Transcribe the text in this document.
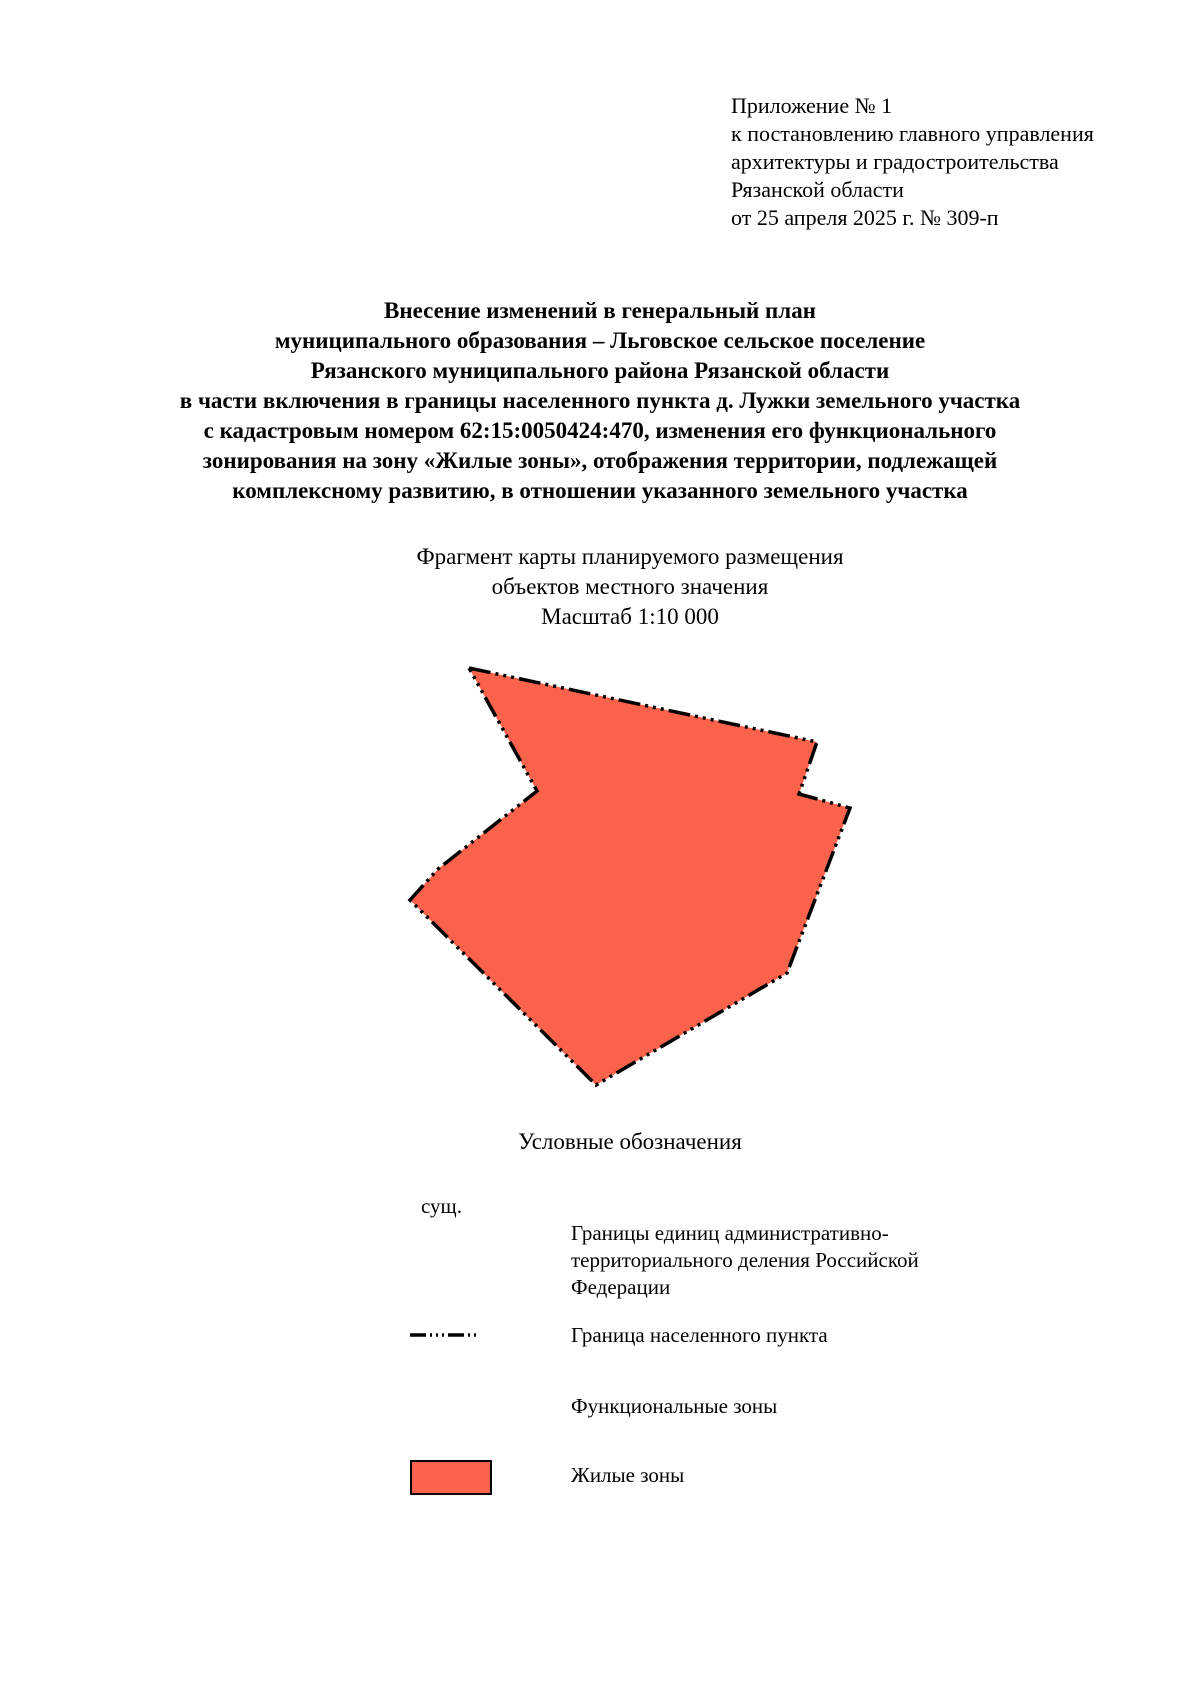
Приложение № 1
к постановлению главного управления
архитектуры и градостроительства
Рязанской области
от 25 апреля 2025 г. № 309-п
Внесение изменений в генеральный план
муниципального образования – Льговское сельское поселение
Рязанского муниципального района Рязанской области
в части включения в границы населенного пункта д. Лужки земельного участка
с кадастровым номером 62:15:0050424:470, изменения его функционального
зонирования на зону «Жилые зоны», отображения территории, подлежащей
комплексному развитию, в отношении указанного земельного участка
Фрагмент карты планируемого размещения
объектов местного значения
Масштаб 1:10 000
Условные обозначения
сущ.
Границы единиц административно-
территориального деления Российской
Федерации
Граница населенного пункта
Функциональные зоны
Жилые зоны
